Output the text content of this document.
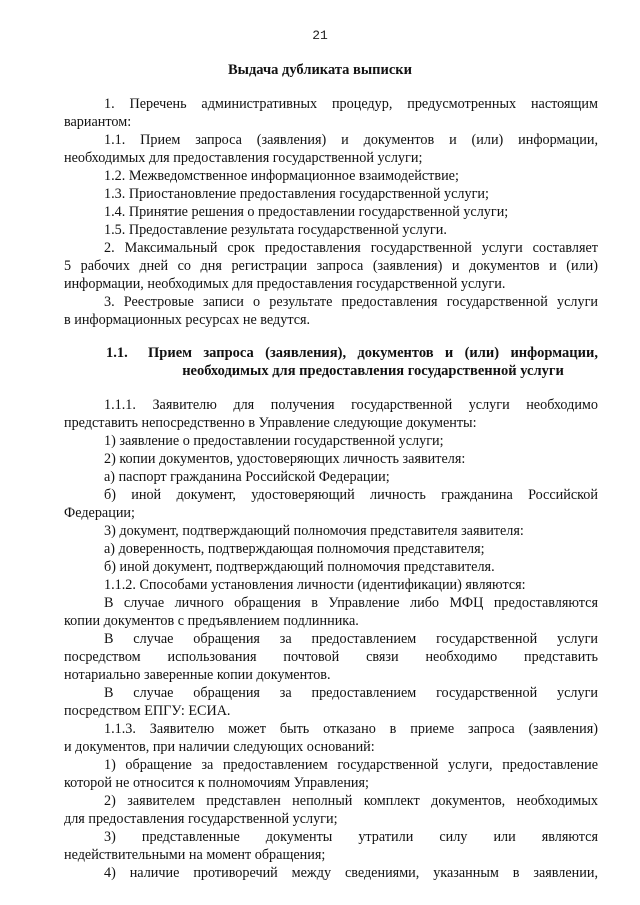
21
Выдача дубликата выписки
1. Перечень административных процедур, предусмотренных настоящим
вариантом:
1.1. Прием запроса (заявления) и документов и (или) информации,
необходимых для предоставления государственной услуги;
1.2. Межведомственное информационное взаимодействие;
1.3. Приостановление предоставления государственной услуги;
1.4. Принятие решения о предоставлении государственной услуги;
1.5. Предоставление результата государственной услуги.
2. Максимальный срок предоставления государственной услуги составляет
5 рабочих дней со дня регистрации запроса (заявления) и документов и (или)
информации, необходимых для предоставления государственной услуги.
3. Реестровые записи о результате предоставления государственной услуги
в информационных ресурсах не ведутся.
1.1. Прием запроса (заявления), документов и (или) информации,
необходимых для предоставления государственной услуги
1.1.1. Заявителю для получения государственной услуги необходимо
представить непосредственно в Управление следующие документы:
1) заявление о предоставлении государственной услуги;
2) копии документов, удостоверяющих личность заявителя:
а) паспорт гражданина Российской Федерации;
б) иной документ, удостоверяющий личность гражданина Российской
Федерации;
3) документ, подтверждающий полномочия представителя заявителя:
а) доверенность, подтверждающая полномочия представителя;
б) иной документ, подтверждающий полномочия представителя.
1.1.2. Способами установления личности (идентификации) являются:
В случае личного обращения в Управление либо МФЦ предоставляются
копии документов с предъявлением подлинника.
В случае обращения за предоставлением государственной услуги
посредством использования почтовой связи необходимо представить
нотариально заверенные копии документов.
В случае обращения за предоставлением государственной услуги
посредством ЕПГУ: ЕСИА.
1.1.3. Заявителю может быть отказано в приеме запроса (заявления)
и документов, при наличии следующих оснований:
1) обращение за предоставлением государственной услуги, предоставление
которой не относится к полномочиям Управления;
2) заявителем представлен неполный комплект документов, необходимых
для предоставления государственной услуги;
3) представленные документы утратили силу или являются
недействительными на момент обращения;
4) наличие противоречий между сведениями, указанным в заявлении,
